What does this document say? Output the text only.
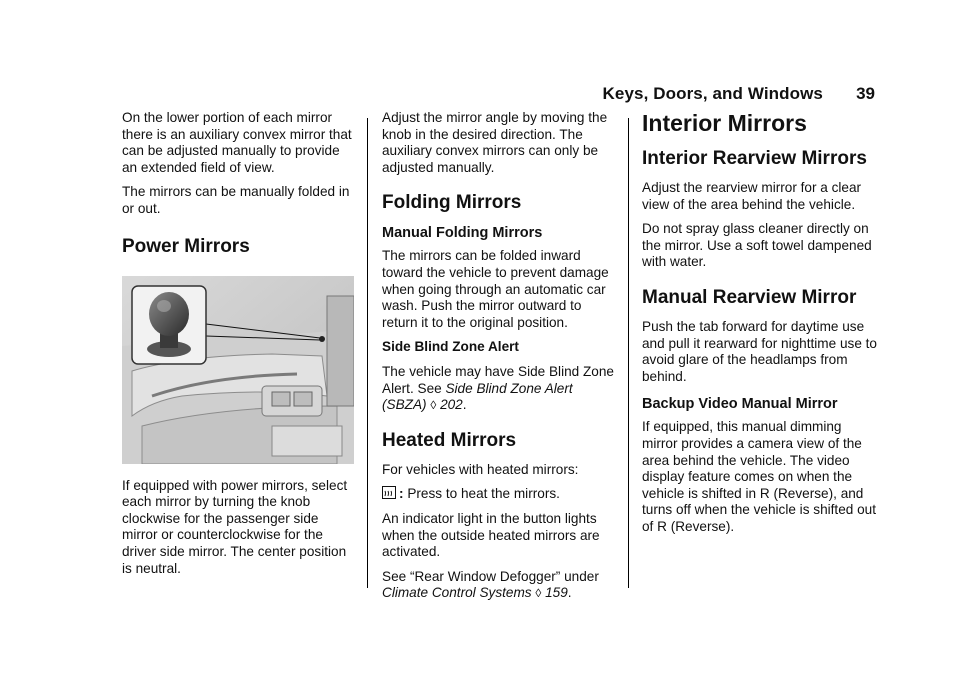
Keys, Doors, and Windows 39

On the lower portion of each mirror there is an auxiliary convex mirror that can be adjusted manually to provide an extended field of view.

The mirrors can be manually folded in or out.

Power Mirrors

If equipped with power mirrors, select each mirror by turning the knob clockwise for the passenger side mirror or counterclockwise for the driver side mirror. The center position is neutral.

Adjust the mirror angle by moving the knob in the desired direction. The auxiliary convex mirrors can only be adjusted manually.

Folding Mirrors
Manual Folding Mirrors

The mirrors can be folded inward toward the vehicle to prevent damage when going through an automatic car wash. Push the mirror outward to return it to the original position.

Side Blind Zone Alert

The vehicle may have Side Blind Zone Alert. See Side Blind Zone Alert (SBZA) ◊ 202.

Heated Mirrors

For vehicles with heated mirrors:

: Press to heat the mirrors.

An indicator light in the button lights when the outside heated mirrors are activated.

See “Rear Window Defogger” under Climate Control Systems ◊ 159.

Interior Mirrors
Interior Rearview Mirrors

Adjust the rearview mirror for a clear view of the area behind the vehicle.

Do not spray glass cleaner directly on the mirror. Use a soft towel dampened with water.

Manual Rearview Mirror

Push the tab forward for daytime use and pull it rearward for nighttime use to avoid glare of the headlamps from behind.

Backup Video Manual Mirror

If equipped, this manual dimming mirror provides a camera view of the area behind the vehicle. The video display feature comes on when the vehicle is shifted in R (Reverse), and turns off when the vehicle is shifted out of R (Reverse).
